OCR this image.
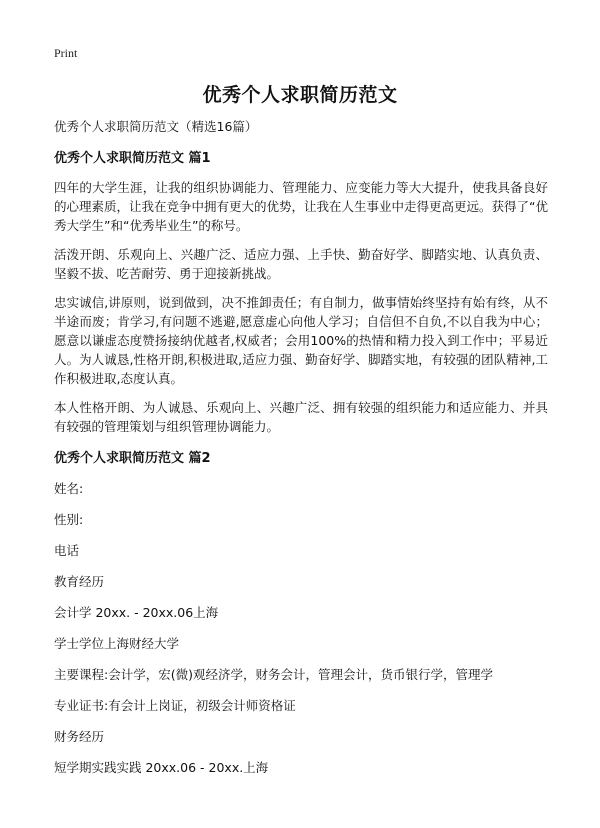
Print
优秀个人求职简历范文
优秀个人求职简历范文（精选16篇）
优秀个人求职简历范文 篇1

四年的大学生涯，让我的组织协调能力、管理能力、应变能力等大大提升，使我具备良好的心理素质，让我在竞争中拥有更大的优势，让我在人生事业中走得更高更远。获得了“优秀大学生”和“优秀毕业生”的称号。

活泼开朗、乐观向上、兴趣广泛、适应力强、上手快、勤奋好学、脚踏实地、认真负责、坚毅不拔、吃苦耐劳、勇于迎接新挑战。

忠实诚信,讲原则，说到做到，决不推卸责任；有自制力，做事情始终坚持有始有终，从不半途而废；肯学习,有问题不逃避,愿意虚心向他人学习；自信但不自负,不以自我为中心；愿意以谦虚态度赞扬接纳优越者,权威者；会用100%的热情和精力投入到工作中；平易近人。为人诚恳,性格开朗,积极进取,适应力强、勤奋好学、脚踏实地，有较强的团队精神,工作积极进取,态度认真。

本人性格开朗、为人诚恳、乐观向上、兴趣广泛、拥有较强的组织能力和适应能力、并具有较强的管理策划与组织管理协调能力。

优秀个人求职简历范文 篇2
姓名:
性别:
电话
教育经历
会计学 20xx. - 20xx.06上海
学士学位上海财经大学
主要课程:会计学，宏(微)观经济学，财务会计，管理会计，货币银行学，管理学
专业证书:有会计上岗证，初级会计师资格证
财务经历
短学期实践实践 20xx.06 - 20xx.上海
